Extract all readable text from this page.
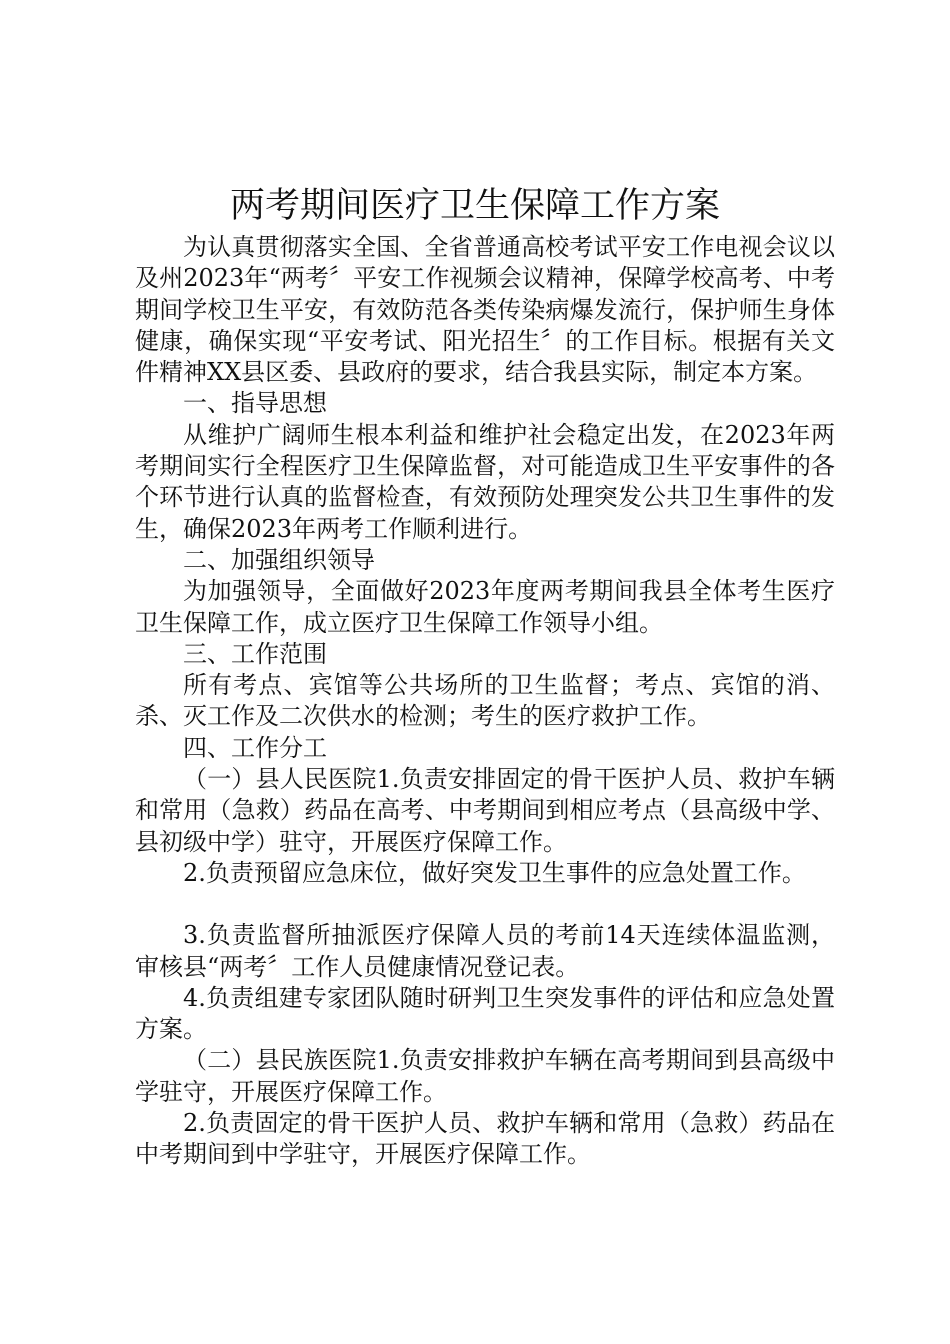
两考期间医疗卫生保障工作方案

为认真贯彻落实全国、全省普通高校考试平安工作电视会议以及州2023年“两考〞平安工作视频会议精神，保障学校高考、中考期间学校卫生平安，有效防范各类传染病爆发流行，保护师生身体健康，确保实现“平安考试、阳光招生〞的工作目标。根据有关文件精神XX县区委、县政府的要求，结合我县实际，制定本方案。

一、指导思想

从维护广阔师生根本利益和维护社会稳定出发，在2023年两考期间实行全程医疗卫生保障监督，对可能造成卫生平安事件的各个环节进行认真的监督检查，有效预防处理突发公共卫生事件的发生，确保2023年两考工作顺利进行。

二、加强组织领导

为加强领导，全面做好2023年度两考期间我县全体考生医疗卫生保障工作，成立医疗卫生保障工作领导小组。

三、工作范围

所有考点、宾馆等公共场所的卫生监督；考点、宾馆的消、杀、灭工作及二次供水的检测；考生的医疗救护工作。

四、工作分工

（一）县人民医院1.负责安排固定的骨干医护人员、救护车辆和常用（急救）药品在高考、中考期间到相应考点（县高级中学、县初级中学）驻守，开展医疗保障工作。

2.负责预留应急床位，做好突发卫生事件的应急处置工作。

3.负责监督所抽派医疗保障人员的考前14天连续体温监测，审核县“两考〞工作人员健康情况登记表。

4.负责组建专家团队随时研判卫生突发事件的评估和应急处置方案。

（二）县民族医院1.负责安排救护车辆在高考期间到县高级中学驻守，开展医疗保障工作。

2.负责固定的骨干医护人员、救护车辆和常用（急救）药品在中考期间到中学驻守，开展医疗保障工作。
